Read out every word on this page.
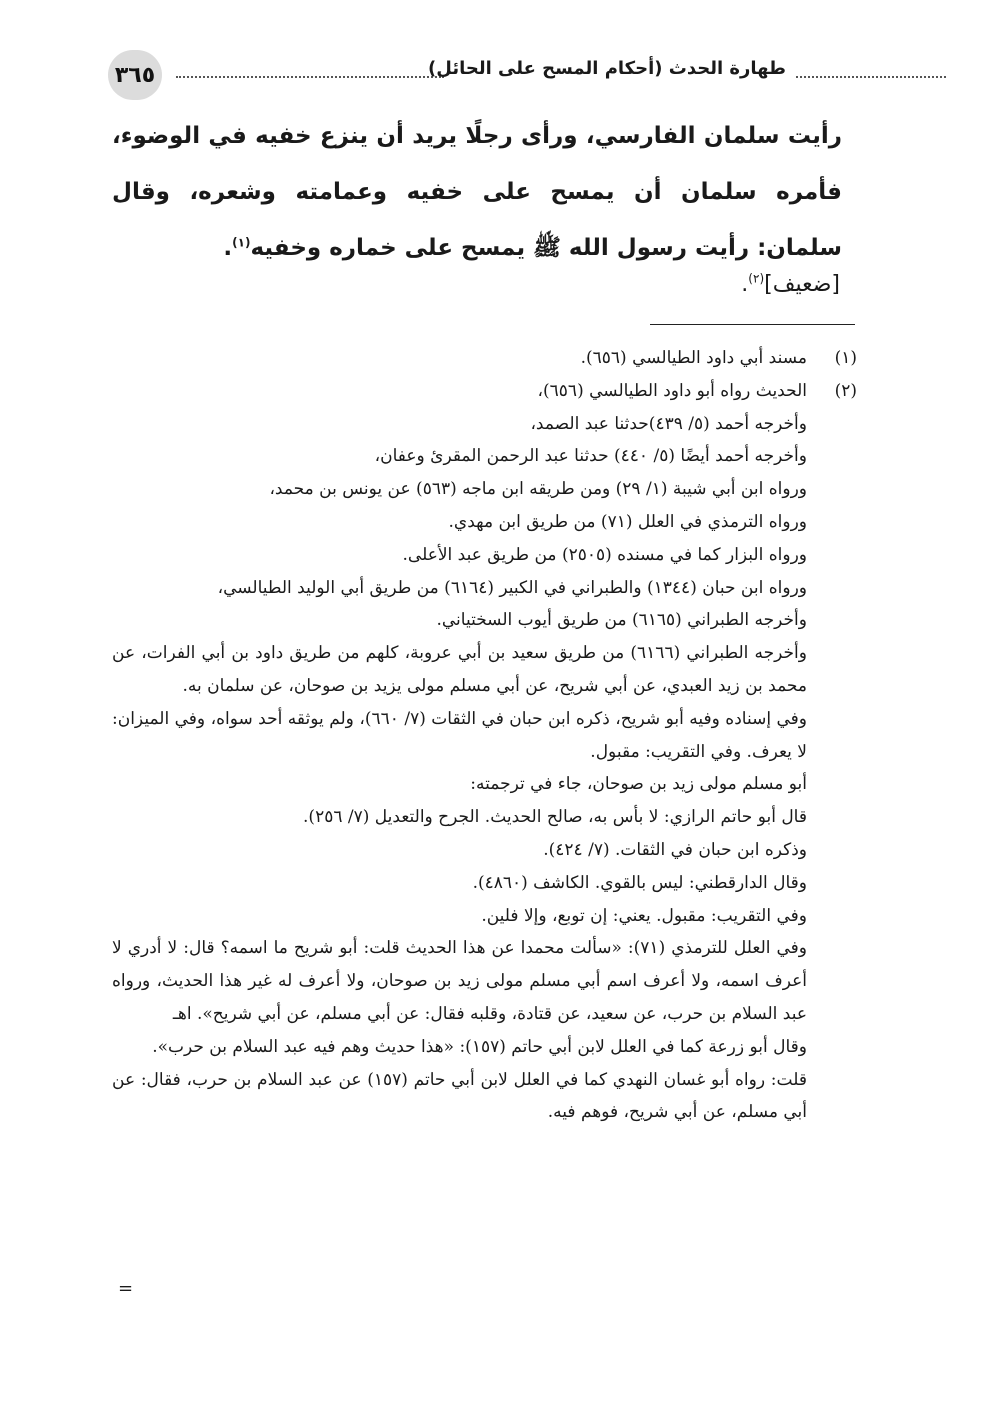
٣٦٥	طهارة الحدث (أحكام المسح على الحائل)

رأيت سلمان الفارسي، ورأى رجلًا يريد أن ينزع خفيه في الوضوء، فأمره سلمان أن يمسح على خفيه وعمامته وشعره، وقال سلمان: رأيت رسول الله ﷺ يمسح على خماره وخفيه$^{(١)}$.

[ضعيف]$^{(٢)}$.
(١)
مسند أبي داود الطيالسي (٦٥٦).
(٢)
الحديث رواه أبو داود الطيالسي (٦٥٦)،
وأخرجه أحمد (٥/ ٤٣٩)حدثنا عبد الصمد،
وأخرجه أحمد أيضًا (٥/ ٤٤٠) حدثنا عبد الرحمن المقرئ وعفان،
ورواه ابن أبي شيبة (١/ ٢٩) ومن طريقه ابن ماجه (٥٦٣) عن يونس بن محمد،
ورواه الترمذي في العلل (٧١) من طريق ابن مهدي.
ورواه البزار كما في مسنده (٢٥٠٥) من طريق عبد الأعلى.
ورواه ابن حبان (١٣٤٤) والطبراني في الكبير (٦١٦٤) من طريق أبي الوليد الطيالسي،
وأخرجه الطبراني (٦١٦٥) من طريق أيوب السختياني.
وأخرجه الطبراني (٦١٦٦) من طريق سعيد بن أبي عروبة، كلهم من طريق داود بن أبي الفرات، عن محمد بن زيد العبدي، عن أبي شريح، عن أبي مسلم مولى يزيد بن صوحان، عن سلمان به.
وفي إسناده وفيه أبو شريح، ذكره ابن حبان في الثقات (٧/ ٦٦٠)، ولم يوثقه أحد سواه، وفي الميزان: لا يعرف. وفي التقريب: مقبول.
أبو مسلم مولى زيد بن صوحان، جاء في ترجمته:
قال أبو حاتم الرازي: لا بأس به، صالح الحديث. الجرح والتعديل (٧/ ٢٥٦).
وذكره ابن حبان في الثقات. (٧/ ٤٢٤).
وقال الدارقطني: ليس بالقوي. الكاشف (٤٨٦٠).
وفي التقريب: مقبول. يعني: إن توبع، وإلا فلين.
وفي العلل للترمذي (٧١): «سألت محمدا عن هذا الحديث قلت: أبو شريح ما اسمه؟ قال: لا أدري لا أعرف اسمه، ولا أعرف اسم أبي مسلم مولى زيد بن صوحان، ولا أعرف له غير هذا الحديث، ورواه عبد السلام بن حرب، عن سعيد، عن قتادة، وقلبه فقال: عن أبي مسلم، عن أبي شريح». اهـ
وقال أبو زرعة كما في العلل لابن أبي حاتم (١٥٧): «هذا حديث وهم فيه عبد السلام بن حرب».
قلت: رواه أبو غسان النهدي كما في العلل لابن أبي حاتم (١٥٧) عن عبد السلام بن حرب، فقال: عن أبي مسلم، عن أبي شريح، فوهم فيه.
=
